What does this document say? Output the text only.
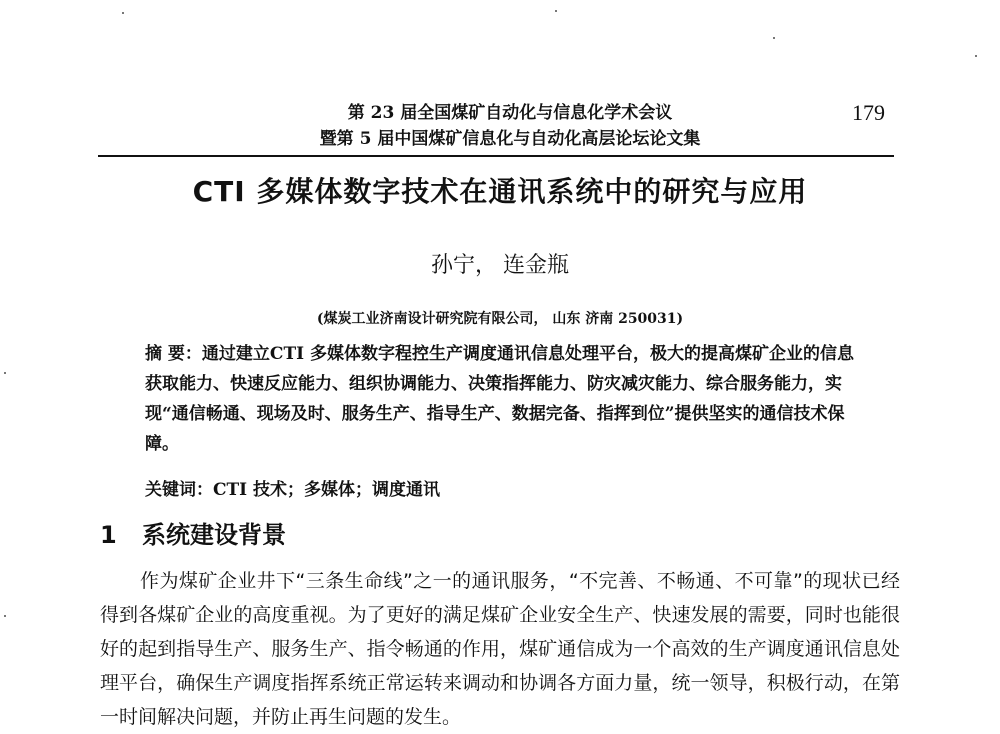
第 23 届全国煤矿自动化与信息化学术会议
暨第 5 届中国煤矿信息化与自动化高层论坛论文集
179
CTI 多媒体数字技术在通讯系统中的研究与应用
孙宁， 连金瓶
(煤炭工业济南设计研究院有限公司， 山东 济南 250031)
摘 要：通过建立CTI 多媒体数字程控生产调度通讯信息处理平台，极大的提高煤矿企业的信息获取能力、快速反应能力、组织协调能力、决策指挥能力、防灾减灾能力、综合服务能力，实现“通信畅通、现场及时、服务生产、指导生产、数据完备、指挥到位”提供坚实的通信技术保障。
关键词：CTI 技术；多媒体；调度通讯
1 系统建设背景
作为煤矿企业井下“三条生命线”之一的通讯服务，“不完善、不畅通、不可靠”的现状已经得到各煤矿企业的高度重视。为了更好的满足煤矿企业安全生产、快速发展的需要，同时也能很好的起到指导生产、服务生产、指令畅通的作用，煤矿通信成为一个高效的生产调度通讯信息处理平台，确保生产调度指挥系统正常运转来调动和协调各方面力量，统一领导，积极行动，在第一时间解决问题，并防止再生问题的发生。
